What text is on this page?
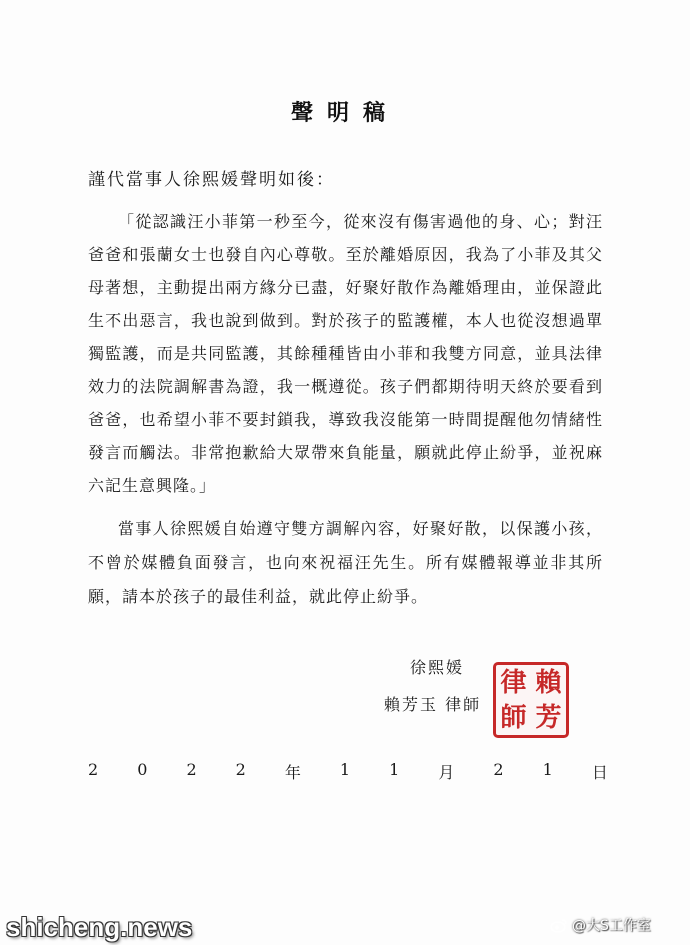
聲明稿
謹代當事人徐熙媛聲明如後：

「從認識汪小菲第一秒至今，從來沒有傷害過他的身、心；對汪爸爸和張蘭女士也發自內心尊敬。至於離婚原因，我為了小菲及其父母著想，主動提出兩方緣分已盡，好聚好散作為離婚理由，並保證此生不出惡言，我也說到做到。對於孩子的監護權，本人也從沒想過單獨監護，而是共同監護，其餘種種皆由小菲和我雙方同意，並具法律效力的法院調解書為證，我一概遵從。孩子們都期待明天終於要看到爸爸，也希望小菲不要封鎖我，導致我沒能第一時間提醒他勿情緒性發言而觸法。非常抱歉給大眾帶來負能量，願就此停止紛爭，並祝麻六記生意興隆。」

當事人徐熙媛自始遵守雙方調解內容，好聚好散，以保護小孩，不曾於媒體負面發言，也向來祝福汪先生。所有媒體報導並非其所願，請本於孩子的最佳利益，就此停止紛爭。

徐熙媛
賴芳玉 律師
律 賴
師 芳
2 0 2 2 年 1 1 月 2 1 日
shicheng.news	@大S工作室
